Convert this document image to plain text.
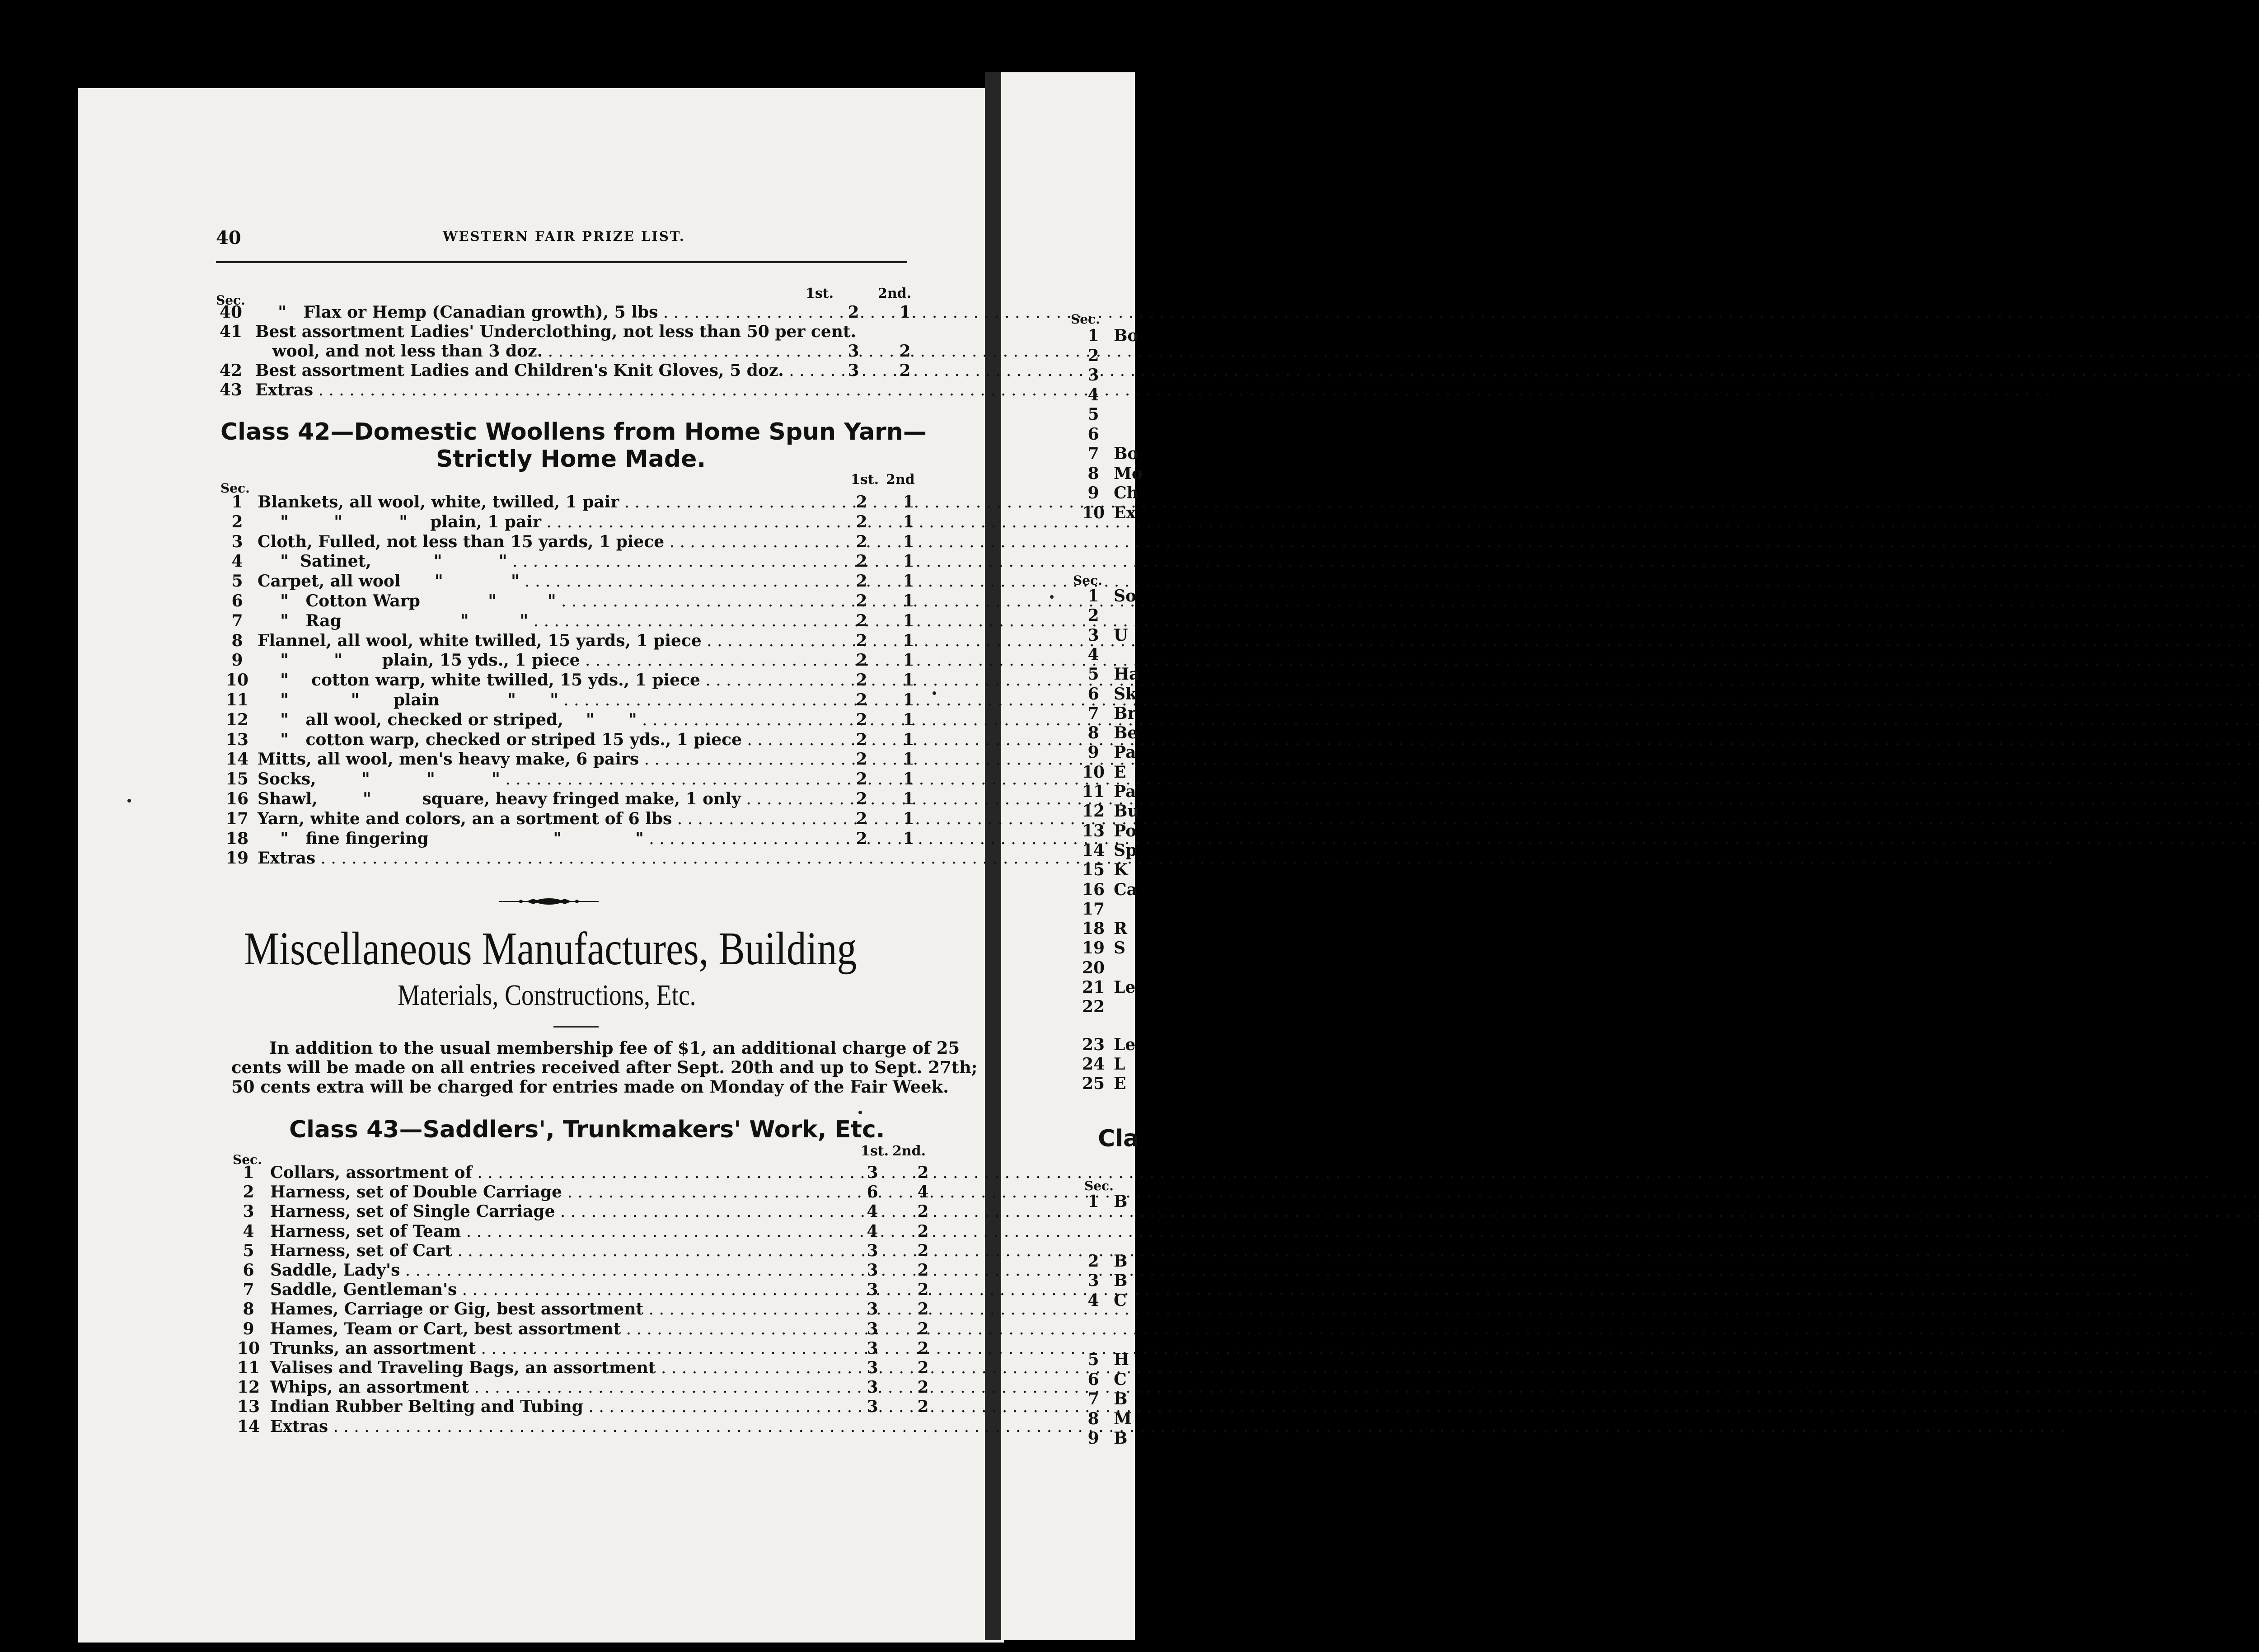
40	WESTERN FAIR PRIZE LIST.
Sec.	1st.	2nd.
40 "   Flax or Hemp (Canadian growth), 5 lbs . . .	2	1
41 Best assortment Ladies' Underclothing, not less than 50 per cent.
wool, and not less than 3 doz. . . .	3	2
42 Best assortment Ladies and Children's Knit Gloves, 5 doz. . . .	3	2
43 Extras . . .
Class 42—Domestic Woollens from Home Spun Yarn—
Strictly Home Made.
Sec.
1st. 2nd
1 Blankets, all wool, white, twilled, 1 pair . . .	2	1
2 "        "          "    plain, 1 pair . . .	2	1
3 Cloth, Fulled, not less than 15 yards, 1 piece . . .	2	1
4 "  Satinet,           "          " . . .	2	1
5 Carpet, all wool      "            " . . .	2	1
6 "   Cotton Warp            "         " . . .	2	1
7 "   Rag                     "         " . . .	2	1
8 Flannel, all wool, white twilled, 15 yards, 1 piece . . .	2	1
9 "        "       plain, 15 yds., 1 piece . . .	2	1
10 "    cotton warp, white twilled, 15 yds., 1 piece . . .	2	1
11 "           "      plain            "      " . . .	2	1
12 "   all wool, checked or striped,    "      " . . .	2	1
13 "   cotton warp, checked or striped 15 yds., 1 piece . . .	2	1
14 Mitts, all wool, men's heavy make, 6 pairs . . .	2	1
15 Socks,        "          "          " . . .	2	1
16 Shawl,        "         square, heavy fringed make, 1 only . . .	2	1
17 Yarn, white and colors, an a sortment of 6 lbs . . .	2	1
18 "   fine fingering                      "             " . . .	2	1
19 Extras . . .
Miscellaneous Manufactures, Building
Materials, Constructions, Etc.
In addition to the usual membership fee of $1, an additional charge of 25
cents will be made on all entries received after Sept. 20th and up to Sept. 27th;
50 cents extra will be charged for entries made on Monday of the Fair Week.
Class 43—Saddlers', Trunkmakers' Work, Etc.
Sec.
1st. 2nd.
1 Collars, assortment of . . .	3	2
2 Harness, set of Double Carriage . . .	6	4
3 Harness, set of Single Carriage . . .	4	2
4 Harness, set of Team . . .	4	2
5 Harness, set of Cart . . .	3	2
6 Saddle, Lady's . . .	3	2
7 Saddle, Gentleman's . . .	3	2
8 Hames, Carriage or Gig, best assortment . . .	3	2
9 Hames, Team or Cart, best assortment . . .	3	2
10 Trunks, an assortment . . .	3	2
11 Valises and Traveling Bags, an assortment . . .	3	2
12 Whips, an assortment . . .	3	2
13 Indian Rubber Belting and Tubing . . .	3	2
14 Extras . . .
Sec.
1 Bo
2
3
4
5
6
7 Bo
8 Mo
9 Ch
10 Ex
Sec.
1 So
2
3 U
4
5 Ha
6 Sk
7 Br
8 Be
9 Pa
10 E
11 Pa
12 Bu
13 Po
14 Sp
15 K
16 Ca
17
18 R
19 S
20
21 Le
22
23 Le
24 L
25 E
Cla
Sec.
1 B
2 B
3 B
4 C
5 H
6 C
7 B
8 M
9 B
